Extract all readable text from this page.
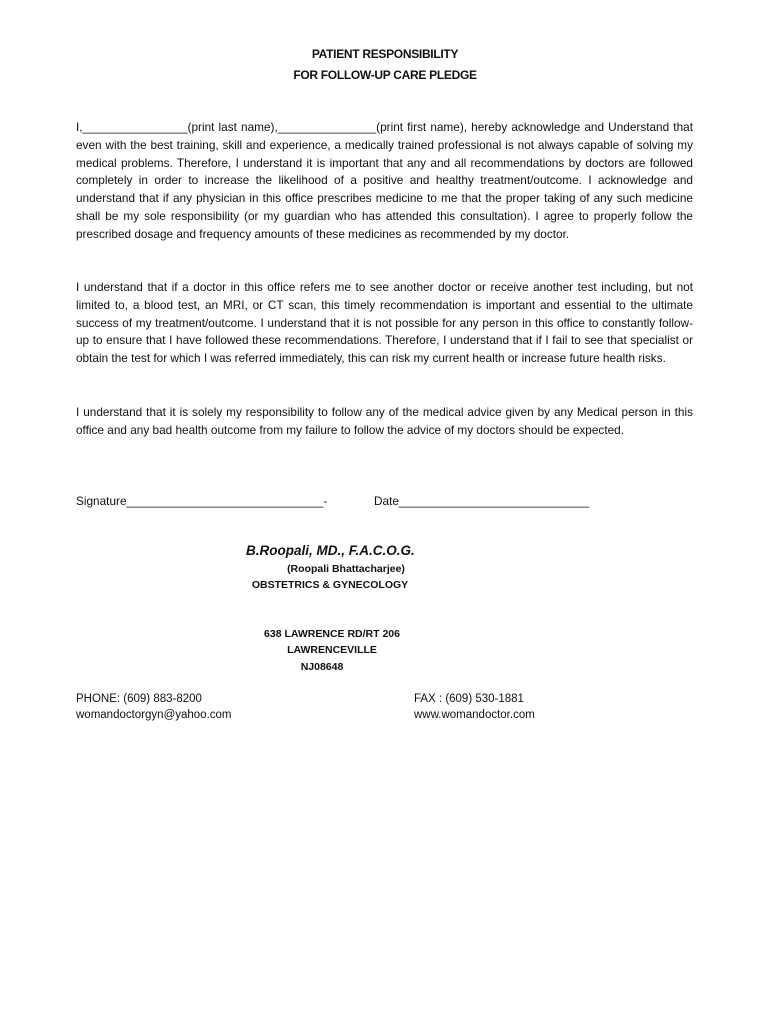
PATIENT RESPONSIBILITY
FOR FOLLOW-UP CARE PLEDGE
I,________________(print last name),_______________(print first name), hereby acknowledge and Understand that even with the best training, skill and experience, a medically trained professional is not always capable of solving my medical problems. Therefore, I understand it is important that any and all recommendations by doctors are followed completely in order to increase the likelihood of a positive and healthy treatment/outcome. I acknowledge and understand that if any physician in this office prescribes medicine to me that the proper taking of any such medicine shall be my sole responsibility (or my guardian who has attended this consultation). I agree to properly follow the prescribed dosage and frequency amounts of these medicines as recommended by my doctor.
I understand that if a doctor in this office refers me to see another doctor or receive another test including, but not limited to, a blood test, an MRI, or CT scan, this timely recommendation is important and essential to the ultimate success of my treatment/outcome. I understand that it is not possible for any person in this office to constantly follow-up to ensure that I have followed these recommendations. Therefore, I understand that if I fail to see that specialist or obtain the test for which I was referred immediately, this can risk my current health or increase future health risks.
I understand that it is solely my responsibility to follow any of the medical advice given by any Medical person in this office and any bad health outcome from my failure to follow the advice of my doctors should be expected.
Signature______________________________-	Date_____________________________
B.Roopali, MD., F.A.C.O.G.
(Roopali Bhattacharjee)
OBSTETRICS & GYNECOLOGY
638 LAWRENCE RD/RT 206
LAWRENCEVILLE
NJ08648
PHONE: (609) 883-8200
womandoctorgyn@yahoo.com
FAX : (609) 530-1881
www.womandoctor.com
